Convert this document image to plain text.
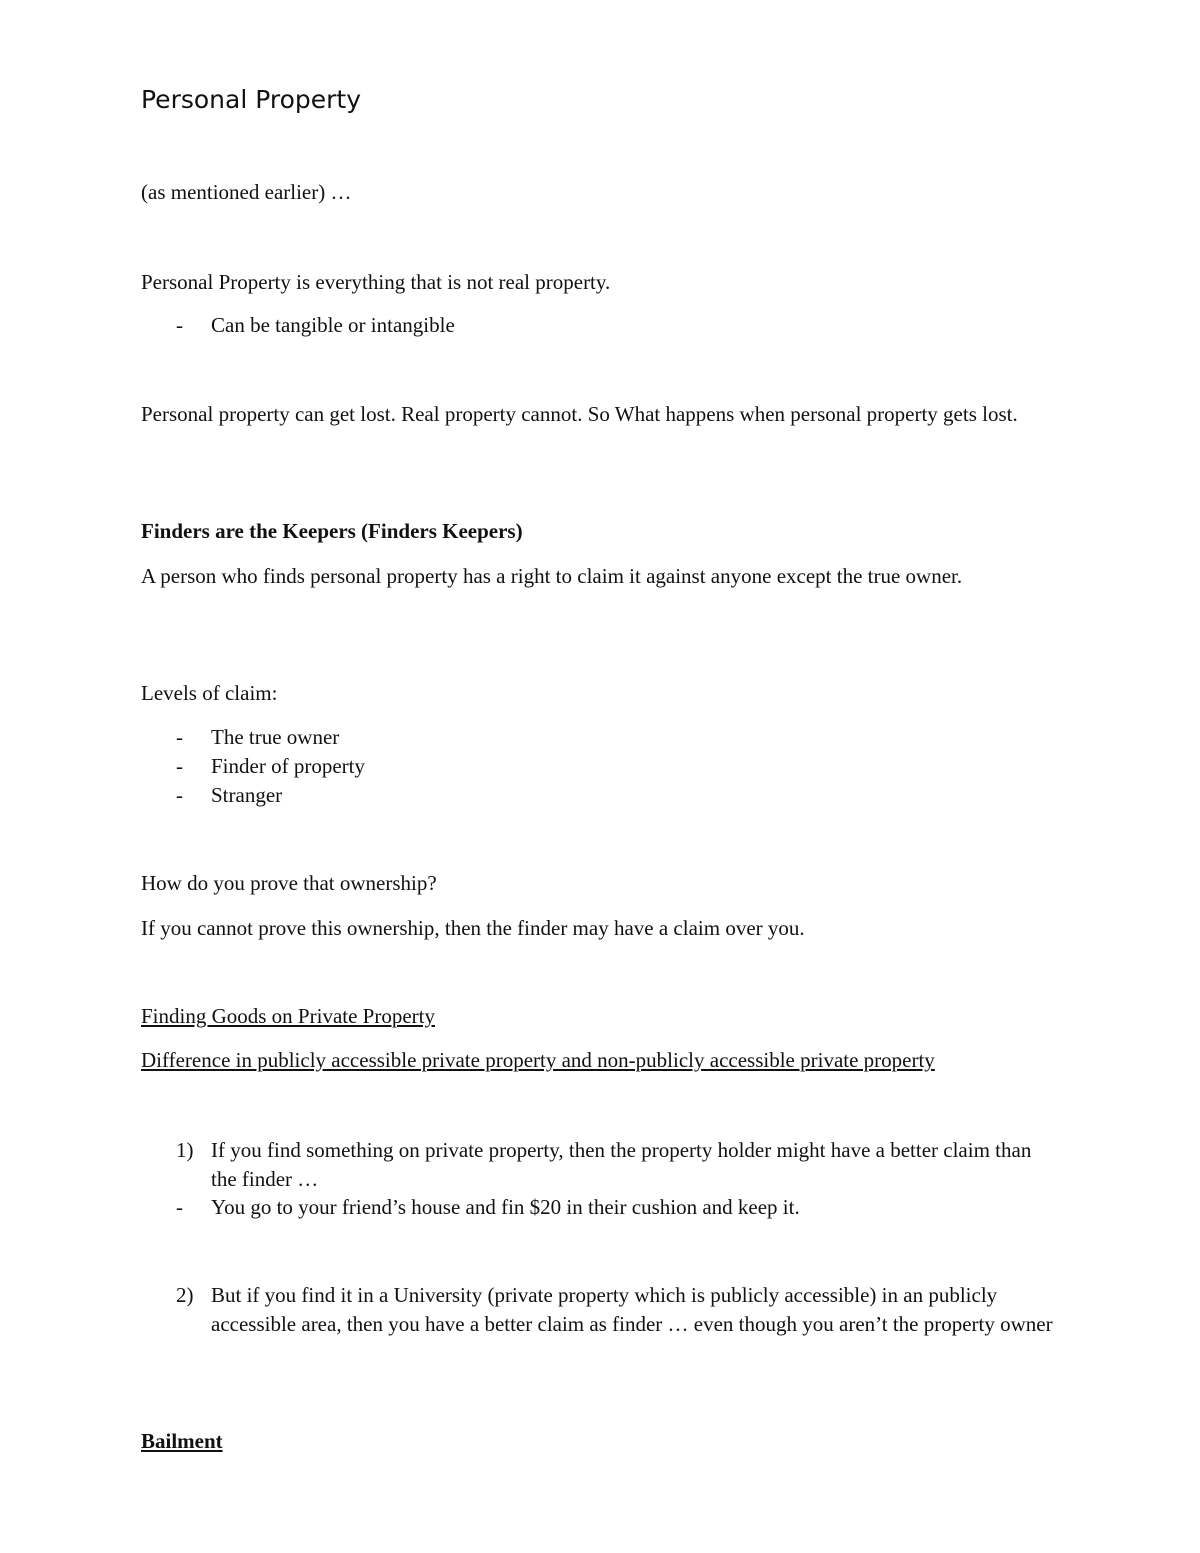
Personal Property
(as mentioned earlier) …
Personal Property is everything that is not real property.
- Can be tangible or intangible
Personal property can get lost. Real property cannot. So What happens when personal property gets lost.
Finders are the Keepers (Finders Keepers)
A person who finds personal property has a right to claim it against anyone except the true owner.
Levels of claim:
- The true owner
- Finder of property
- Stranger
How do you prove that ownership?
If you cannot prove this ownership, then the finder may have a claim over you.
Finding Goods on Private Property
Difference in publicly accessible private property and non-publicly accessible private property
1) If you find something on private property, then the property holder might have a better claim than the finder …
- You go to your friend’s house and fin $20 in their cushion and keep it.
2) But if you find it in a University (private property which is publicly accessible) in an publicly accessible area, then you have a better claim as finder … even though you aren’t the property owner
Bailment
